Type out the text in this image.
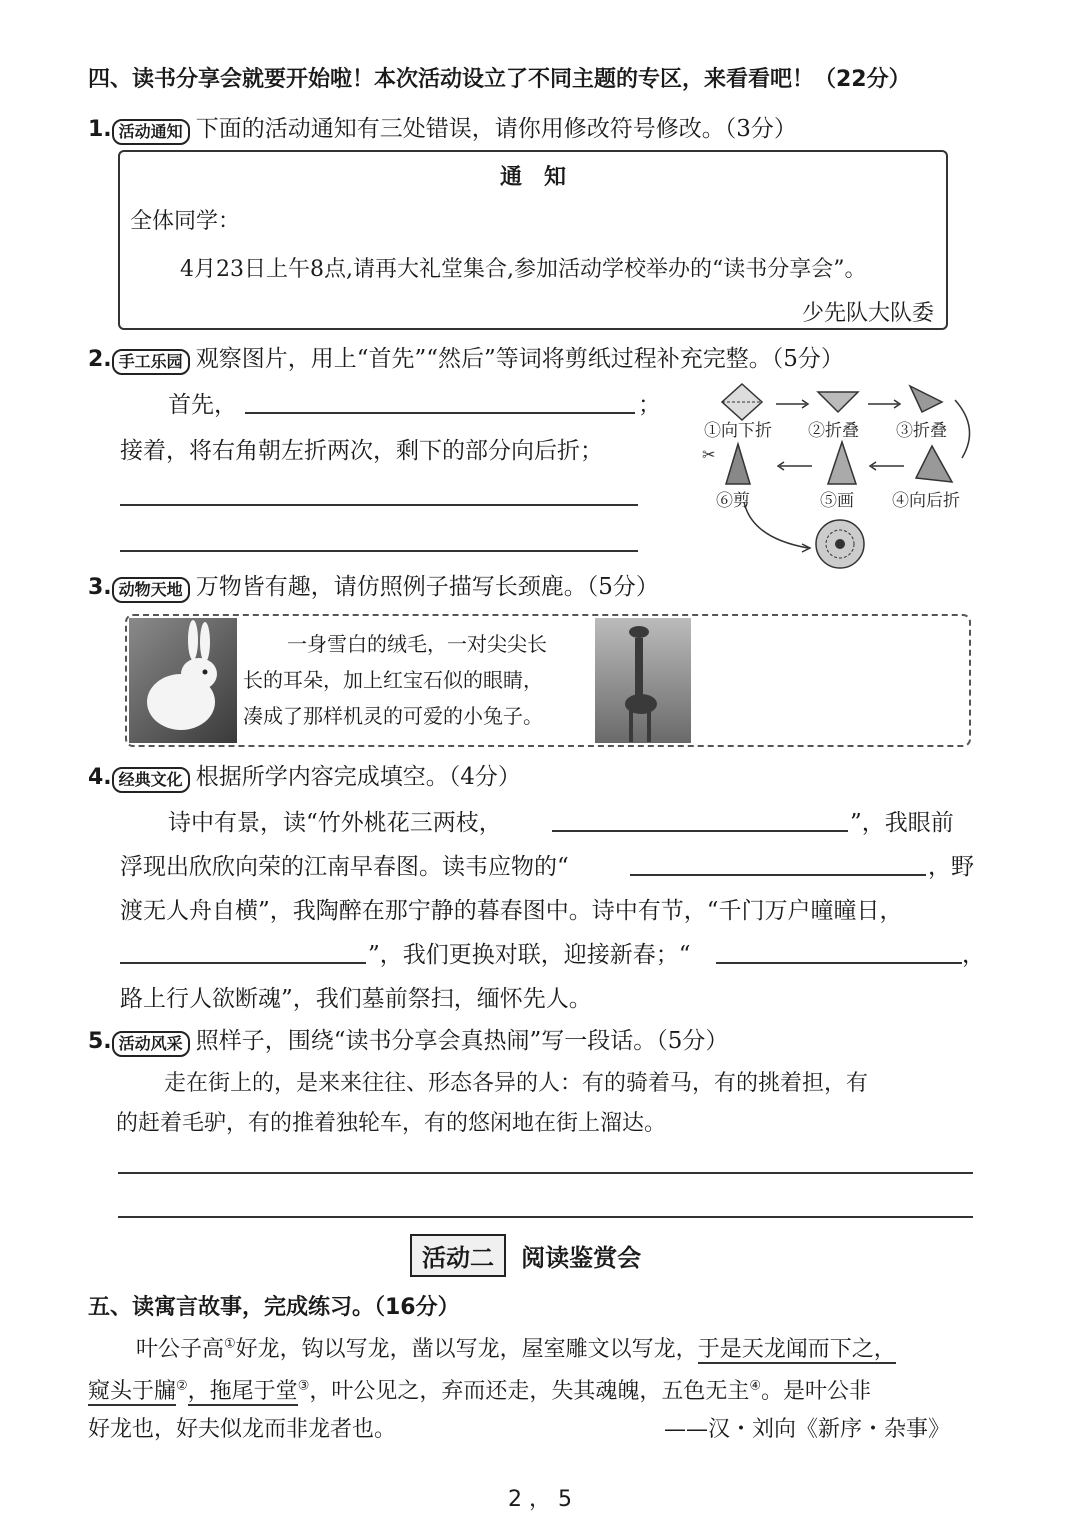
四、读书分享会就要开始啦！本次活动设立了不同主题的专区，来看看吧！（22分）
1. 活动通知 下面的活动通知有三处错误，请你用修改符号修改。（3分）
通　知
全体同学：
4月23日上午8点,请再大礼堂集合,参加活动学校举办的“读书分享会”。
少先队大队委
2. 手工乐园 观察图片，用上“首先”“然后”等词将剪纸过程补充完整。（5分）
首先，	；
接着，将右角朝左折两次，剩下的部分向后折；	✂
①向下折 ②折叠 ③折叠
④向后折
⑤画
⑥剪
3. 动物天地 万物皆有趣，请仿照例子描写长颈鹿。（5分）
一身雪白的绒毛，一对尖尖长
长的耳朵，加上红宝石似的眼睛，
凑成了那样机灵的可爱的小兔子。
4. 经典文化 根据所学内容完成填空。（4分）
诗中有景，读“竹外桃花三两枝，	”，我眼前
浮现出欣欣向荣的江南早春图。读韦应物的“	，野
渡无人舟自横”，我陶醉在那宁静的暮春图中。诗中有节，“千门万户曈曈日，
”，我们更换对联，迎接新春；“	，
路上行人欲断魂”，我们墓前祭扫，缅怀先人。
5. 活动风采 照样子，围绕“读书分享会真热闹”写一段话。（5分）
走在街上的，是来来往往、形态各异的人：有的骑着马，有的挑着担，有
的赶着毛驴，有的推着独轮车，有的悠闲地在街上溜达。
活动二 阅读鉴赏会
五、读寓言故事，完成练习。（16分）
叶公子高①好龙，钩以写龙，凿以写龙，屋室雕文以写龙，于是天龙闻而下之，
窥头于牖②，拖尾于堂③，叶公见之，弃而还走，失其魂魄，五色无主④。是叶公非
好龙也，好夫似龙而非龙者也。	——汉・刘向《新序・杂事》
2 ， 5
